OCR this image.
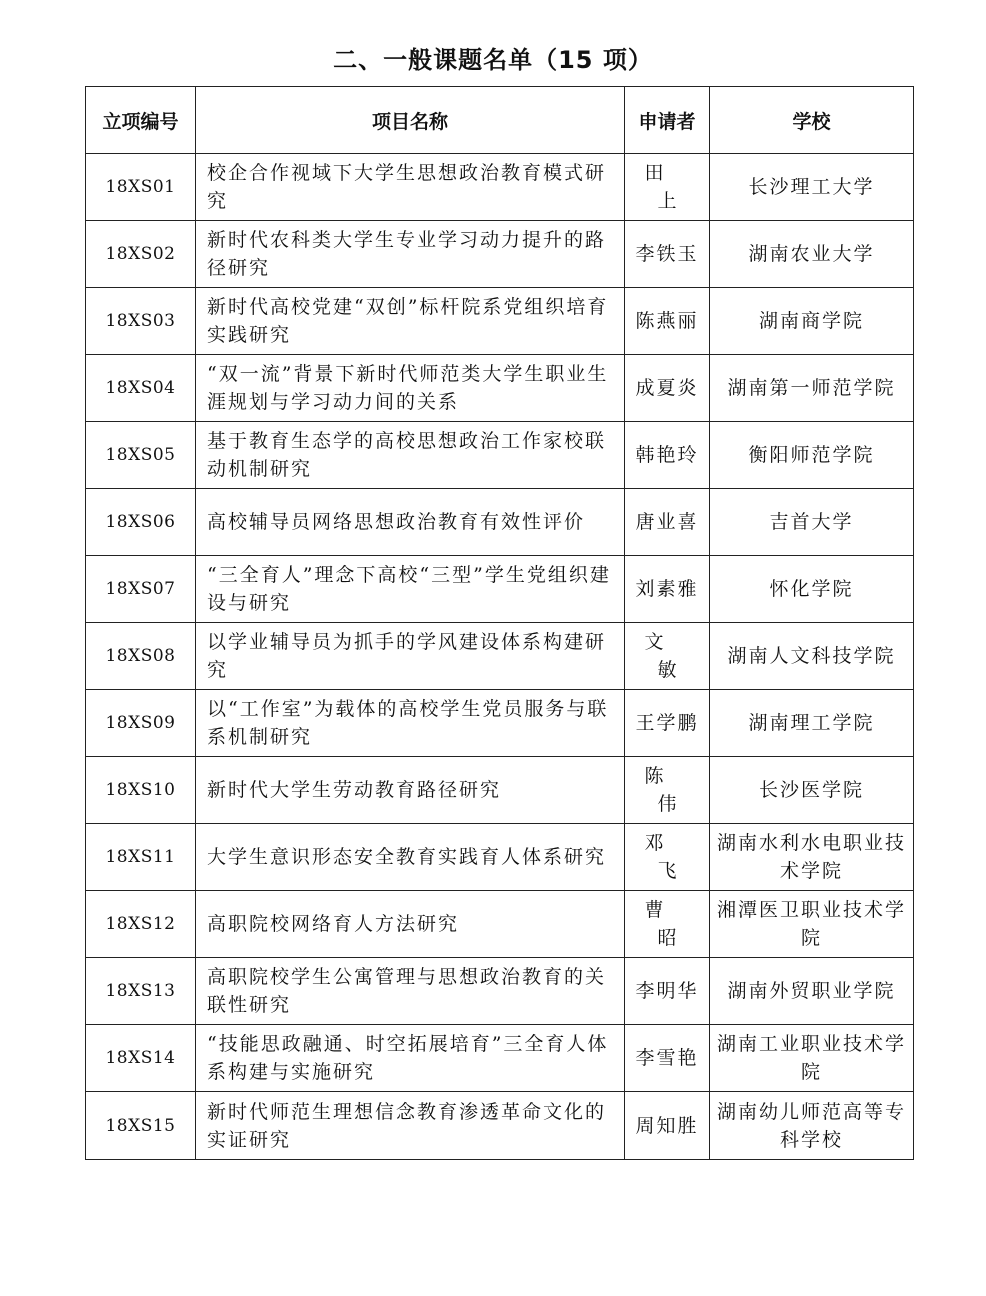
二、一般课题名单（15 项）
立项编号	项目名称	申请者	学校
18XS01	校企合作视域下大学生思想政治教育模式研究	田 上	长沙理工大学
18XS02	新时代农科类大学生专业学习动力提升的路径研究	李铁玉	湖南农业大学
18XS03	新时代高校党建“双创”标杆院系党组织培育实践研究	陈燕丽	湖南商学院
18XS04	“双一流”背景下新时代师范类大学生职业生涯规划与学习动力间的关系	成夏炎	湖南第一师范学院
18XS05	基于教育生态学的高校思想政治工作家校联动机制研究	韩艳玲	衡阳师范学院
18XS06	高校辅导员网络思想政治教育有效性评价	唐业喜	吉首大学
18XS07	“三全育人”理念下高校“三型”学生党组织建设与研究	刘素雅	怀化学院
18XS08	以学业辅导员为抓手的学风建设体系构建研究	文 敏	湖南人文科技学院
18XS09	以“工作室”为载体的高校学生党员服务与联系机制研究	王学鹏	湖南理工学院
18XS10	新时代大学生劳动教育路径研究	陈 伟	长沙医学院
18XS11	大学生意识形态安全教育实践育人体系研究	邓 飞	湖南水利水电职业技术学院
18XS12	高职院校网络育人方法研究	曹 昭	湘潭医卫职业技术学院
18XS13	高职院校学生公寓管理与思想政治教育的关联性研究	李明华	湖南外贸职业学院
18XS14	“技能思政融通、时空拓展培育”三全育人体系构建与实施研究	李雪艳	湖南工业职业技术学院
18XS15	新时代师范生理想信念教育渗透革命文化的实证研究	周知胜	湖南幼儿师范高等专科学校
